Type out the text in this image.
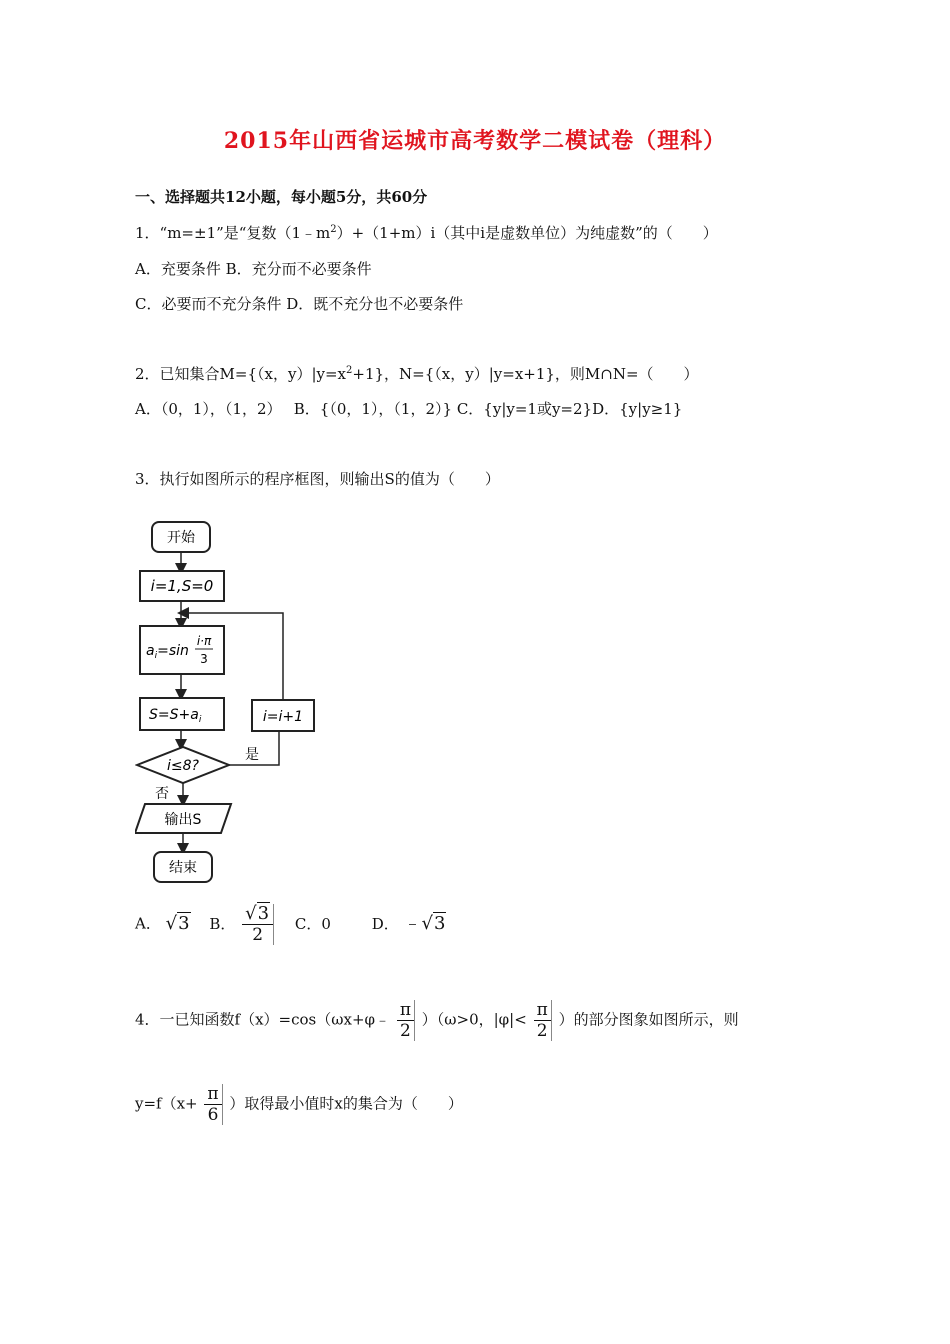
2015年山西省运城市高考数学二模试卷（理科）
一、选择题共12小题，每小题5分，共60分
1．“m=±1”是“复数$(1﹣m^2)+(1+m)i$（其中i是虚数单位）为纯虚数”的（　　）
A．充要条件 B．充分而不必要条件
C．必要而不充分条件 D．既不充分也不必要条件
2．已知集合M={（x，$y)|y=x^2+1$}，N={（x，y）|y=x+1}，则M∩N=（　　）
A．（0，1），（1，2）　 B．{（0，1），（1，2）} C．{y|y=1或y=2}D．{y|y≥1}
3．执行如图所示的程序框图，则输出S的值为（　　）
开始
i=1,S=0
$a_i=\sin$
i·π
3
$S=S+a_i$
i≤8?
是
i=i+1
否
输出S
结束
A． √3 B． $\frac{√3}{2}$ C．0	D． ﹣√3
4．一已知函数f（x）=cos（ωx+φ﹣ $\frac{\pi}{2} )(\omega>0$，$|\varphi|< \frac{\pi}{2}$ ）的部分图象如图所示，则
$y=f(x+ \frac{\pi}{6}$ ）取得最小值时x的集合为（　　）
